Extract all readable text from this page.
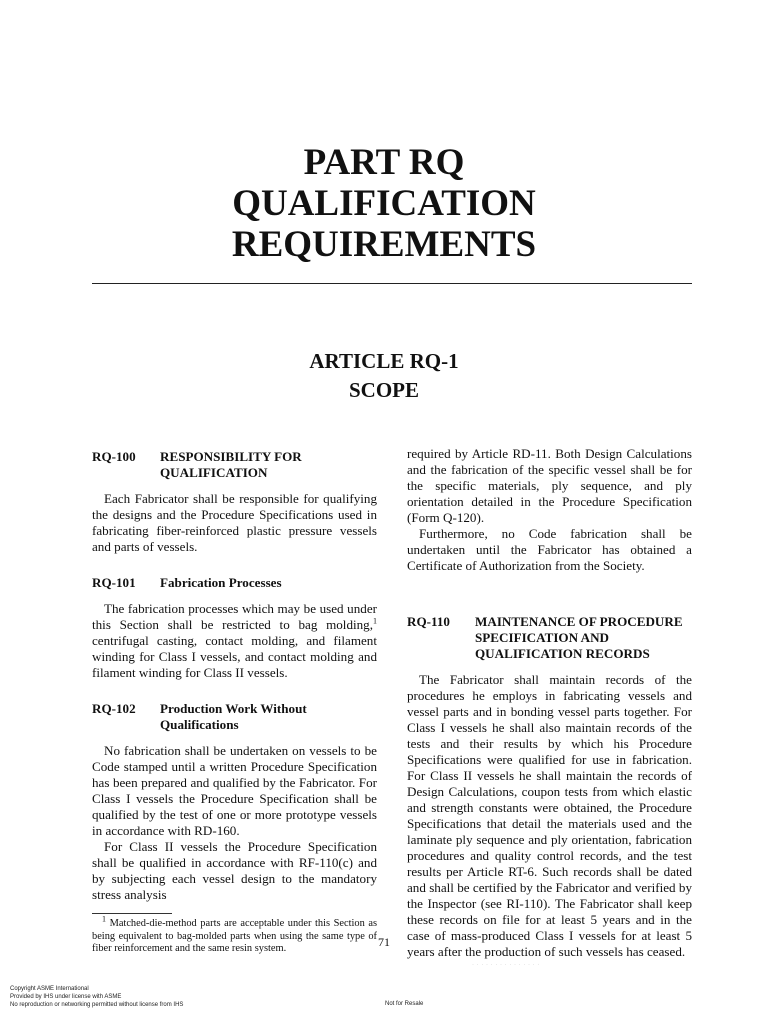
PART RQ
QUALIFICATION
REQUIREMENTS
ARTICLE RQ-1
SCOPE
RQ-100	RESPONSIBILITY FOR
QUALIFICATION

Each Fabricator shall be responsible for qualifying the designs and the Procedure Specifications used in fabricating fiber-reinforced plastic pressure vessels and parts of vessels.

RQ-101	Fabrication Processes

The fabrication processes which may be used under this Section shall be restricted to bag molding,$^1$ centrifugal casting, contact molding, and filament winding for Class I vessels, and contact molding and filament winding for Class II vessels.

RQ-102	Production Work Without
Qualifications

No fabrication shall be undertaken on vessels to be Code stamped until a written Procedure Specification has been prepared and qualified by the Fabricator. For Class I vessels the Procedure Specification shall be qualified by the test of one or more prototype vessels in accordance with RD-160.

For Class II vessels the Procedure Specification shall be qualified in accordance with RF-110(c) and by subjecting each vessel design to the mandatory stress analysis

$^1$ Matched-die-method parts are acceptable under this Section as being equivalent to bag-molded parts when using the same type of fiber reinforcement and the same resin system.

required by Article RD-11. Both Design Calculations and the fabrication of the specific vessel shall be for the specific materials, ply sequence, and ply orientation detailed in the Procedure Specification (Form Q-120).

Furthermore, no Code fabrication shall be undertaken until the Fabricator has obtained a Certificate of Authorization from the Society.

RQ-110	MAINTENANCE OF PROCEDURE
SPECIFICATION AND
QUALIFICATION RECORDS

The Fabricator shall maintain records of the procedures he employs in fabricating vessels and vessel parts and in bonding vessel parts together. For Class I vessels he shall also maintain records of the tests and their results by which his Procedure Specifications were qualified for use in fabrication. For Class II vessels he shall maintain the records of Design Calculations, coupon tests from which elastic and strength constants were obtained, the Procedure Specifications that detail the materials used and the laminate ply sequence and ply orientation, fabrication procedures and quality control records, and the test results per Article RT-6. Such records shall be dated and shall be certified by the Fabricator and verified by the Inspector (see RI-110). The Fabricator shall keep these records on file for at least 5 years and in the case of mass-produced Class I vessels for at least 5 years after the production of such vessels has ceased.

71
· · · · · · · · · · · · · · ·
Copyright ASME International
Provided by IHS under license with ASME
No reproduction or networking permitted without license from IHS	Not for Resale
